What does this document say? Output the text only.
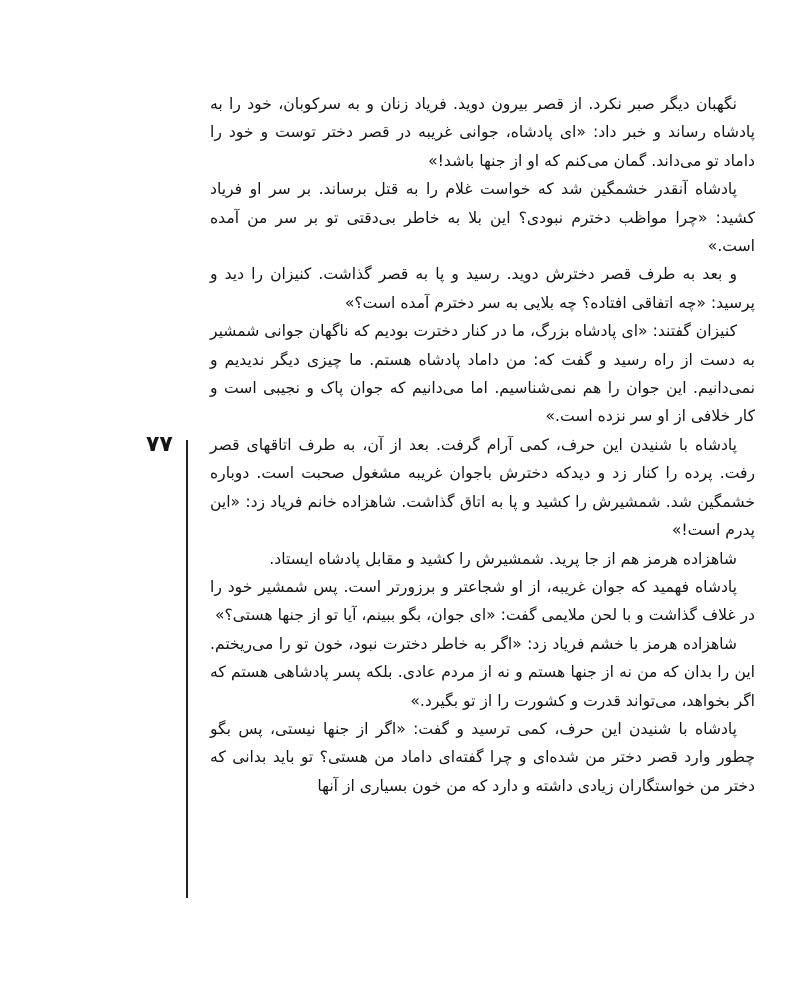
۷۷

نگهبان دیگر صبر نکرد. از قصر بیرون دوید. فریاد زنان و به سرکوبان، خود را به پادشاه رساند و خبر داد: «ای پادشاه، جوانی غریبه در قصر دختر توست و خود را داماد تو می‌داند. گمان می‌کنم که او از جنها باشد!»

پادشاه آنقدر خشمگین شد که خواست غلام را به قتل برساند. بر سر او فریاد کشید: «چرا مواظب دخترم نبودی؟ این بلا به خاطر بی‌دقتی تو بر سر من آمده است.»

و بعد به طرف قصر دخترش دوید. رسید و پا به قصر گذاشت. کنیزان را دید و پرسید: «چه اتفاقی افتاده؟ چه بلایی به سر دخترم آمده است؟»

کنیزان گفتند: «ای پادشاه بزرگ، ما در کنار دخترت بودیم که ناگهان جوانی شمشیر به دست از راه رسید و گفت که: من داماد پادشاه هستم. ما چیزی دیگر ندیدیم و نمی‌دانیم. این جوان را هم نمی‌شناسیم. اما می‌دانیم که جوان پاک و نجیبی است و کار خلافی از او سر نزده است.»

پادشاه با شنیدن این حرف، کمی آرام گرفت. بعد از آن، به طرف اتاقهای قصر رفت. پرده را کنار زد و دیدکه دخترش باجوان غریبه مشغول صحبت است. دوباره خشمگین شد. شمشیرش را کشید و پا به اتاق گذاشت. شاهزاده خانم فریاد زد: «این پدرم است!»

شاهزاده هرمز هم از جا پرید. شمشیرش را کشید و مقابل پادشاه ایستاد.

پادشاه فهمید که جوان غریبه، از او شجاعتر و برزورتر است. پس شمشیر خود را در غلاف گذاشت و با لحن ملایمی گفت: «ای جوان، بگو ببینم، آیا تو از جنها هستی؟»

شاهزاده هرمز با خشم فریاد زد: «اگر به خاطر دخترت نبود، خون تو را می‌ریختم. این را بدان که من نه از جنها هستم و نه از مردم عادی. بلکه پسر پادشاهی هستم که اگر بخواهد، می‌تواند قدرت و کشورت را از تو بگیرد.»

پادشاه با شنیدن این حرف، کمی ترسید و گفت: «اگر از جنها نیستی، پس بگو چطور وارد قصر دختر من شده‌ای و چرا گفته‌ای داماد من هستی؟ تو باید بدانی که دختر من خواستگاران زیادی داشته و دارد که من خون بسیاری از آنها
